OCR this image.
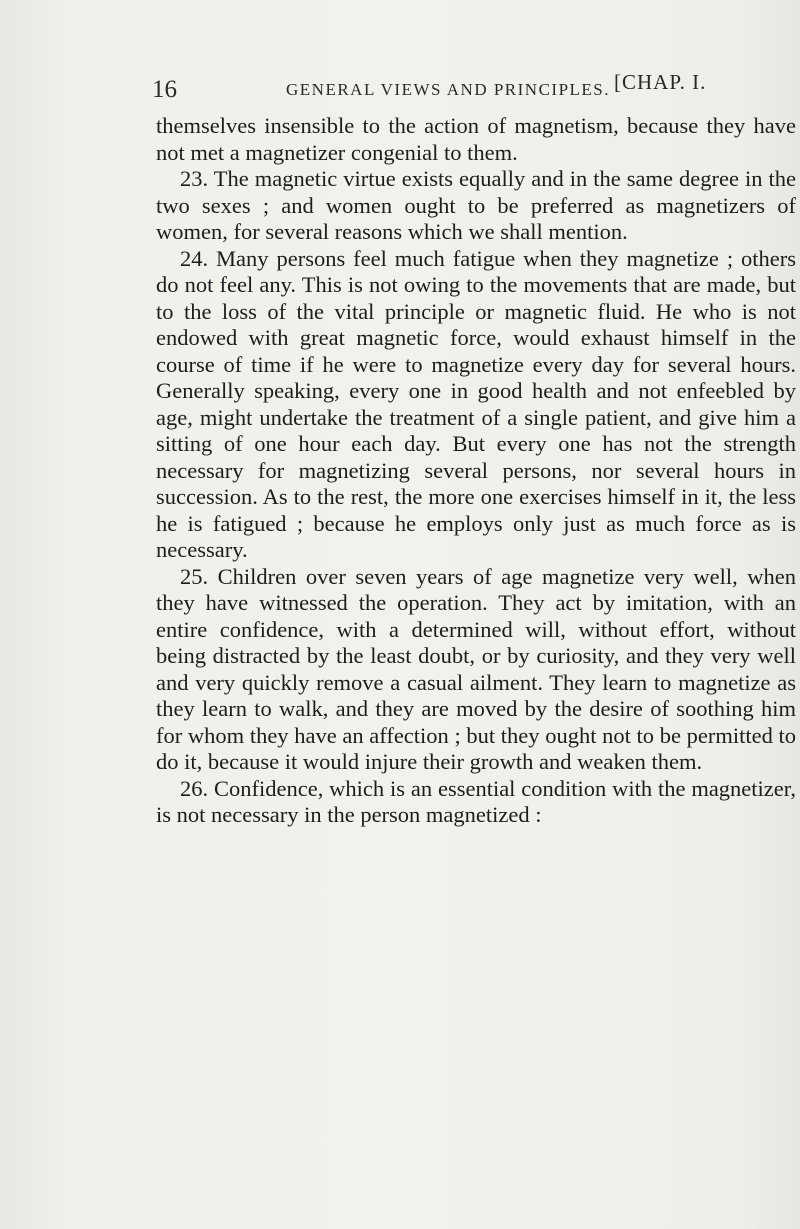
16	GENERAL VIEWS AND PRINCIPLES. [CHAP. I.

themselves insensible to the action of magnetism, because they have not met a magnetizer congenial to them.

23. The magnetic virtue exists equally and in the same degree in the two sexes ; and women ought to be preferred as magnetizers of women, for several reasons which we shall mention.

24. Many persons feel much fatigue when they magnetize ; others do not feel any. This is not owing to the movements that are made, but to the loss of the vital principle or magnetic fluid. He who is not endowed with great magnetic force, would exhaust himself in the course of time if he were to magnetize every day for several hours. Generally speaking, every one in good health and not enfeebled by age, might undertake the treatment of a single patient, and give him a sitting of one hour each day. But every one has not the strength necessary for magnetizing several persons, nor several hours in succession. As to the rest, the more one exercises himself in it, the less he is fatigued ; because he employs only just as much force as is necessary.

25. Children over seven years of age magnetize very well, when they have witnessed the operation. They act by imitation, with an entire confidence, with a determined will, without effort, without being distracted by the least doubt, or by curiosity, and they very well and very quickly remove a casual ailment. They learn to magnetize as they learn to walk, and they are moved by the desire of soothing him for whom they have an affection ; but they ought not to be permitted to do it, because it would injure their growth and weaken them.

26. Confidence, which is an essential condition with the magnetizer, is not necessary in the person magnetized :
